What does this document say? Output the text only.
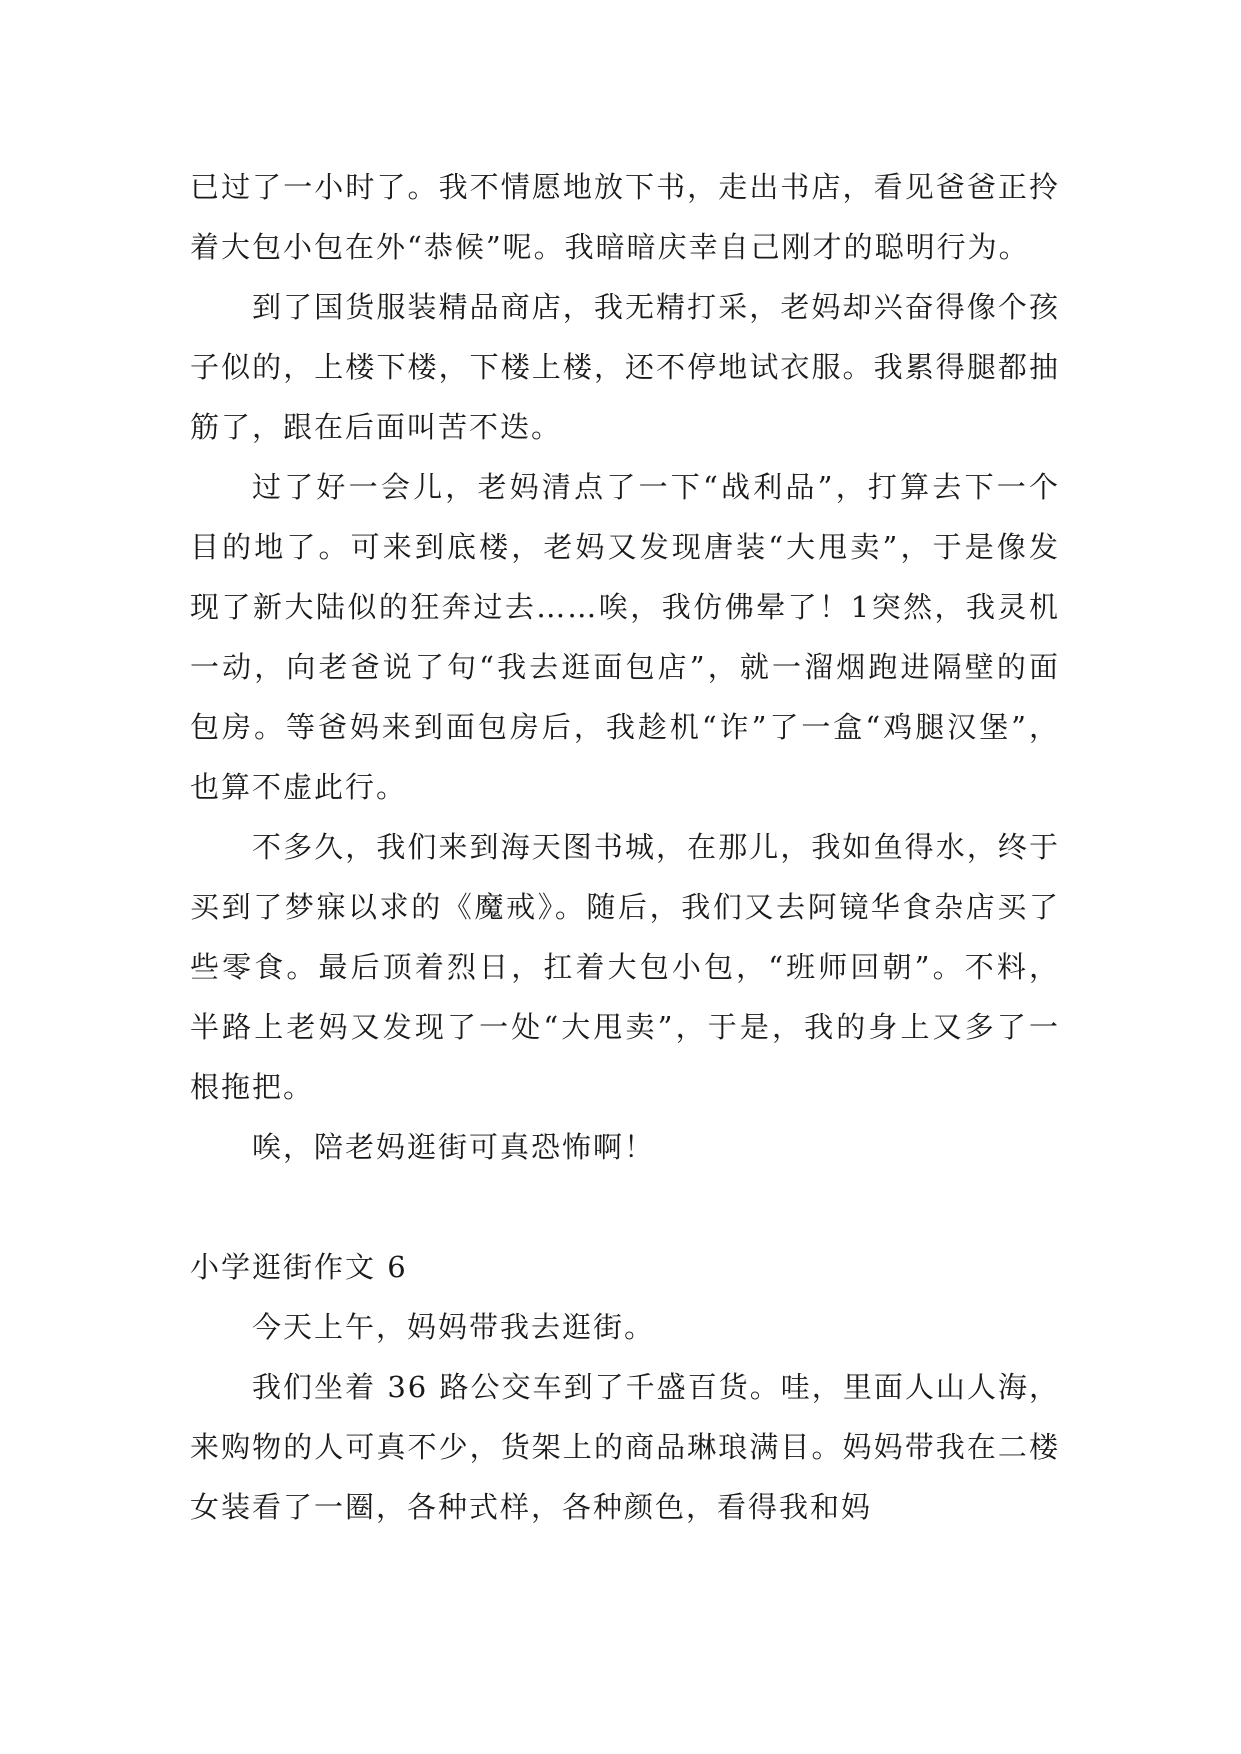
已过了一小时了。我不情愿地放下书，走出书店，看见爸爸正拎着大包小包在外“恭候”呢。我暗暗庆幸自己刚才的聪明行为。

到了国货服装精品商店，我无精打采，老妈却兴奋得像个孩子似的，上楼下楼，下楼上楼，还不停地试衣服。我累得腿都抽筋了，跟在后面叫苦不迭。

过了好一会儿，老妈清点了一下“战利品”，打算去下一个目的地了。可来到底楼，老妈又发现唐装“大甩卖”，于是像发现了新大陆似的狂奔过去……唉，我仿佛晕了！1突然，我灵机一动，向老爸说了句“我去逛面包店”，就一溜烟跑进隔壁的面包房。等爸妈来到面包房后，我趁机“诈”了一盒“鸡腿汉堡”，也算不虚此行。

不多久，我们来到海天图书城，在那儿，我如鱼得水，终于买到了梦寐以求的《魔戒》。随后，我们又去阿镜华食杂店买了些零食。最后顶着烈日，扛着大包小包，“班师回朝”。不料，半路上老妈又发现了一处“大甩卖”，于是，我的身上又多了一根拖把。

唉，陪老妈逛街可真恐怖啊！

小学逛街作文 6

今天上午，妈妈带我去逛街。

我们坐着 36 路公交车到了千盛百货。哇，里面人山人海，来购物的人可真不少，货架上的商品琳琅满目。妈妈带我在二楼女装看了一圈，各种式样，各种颜色，看得我和妈
